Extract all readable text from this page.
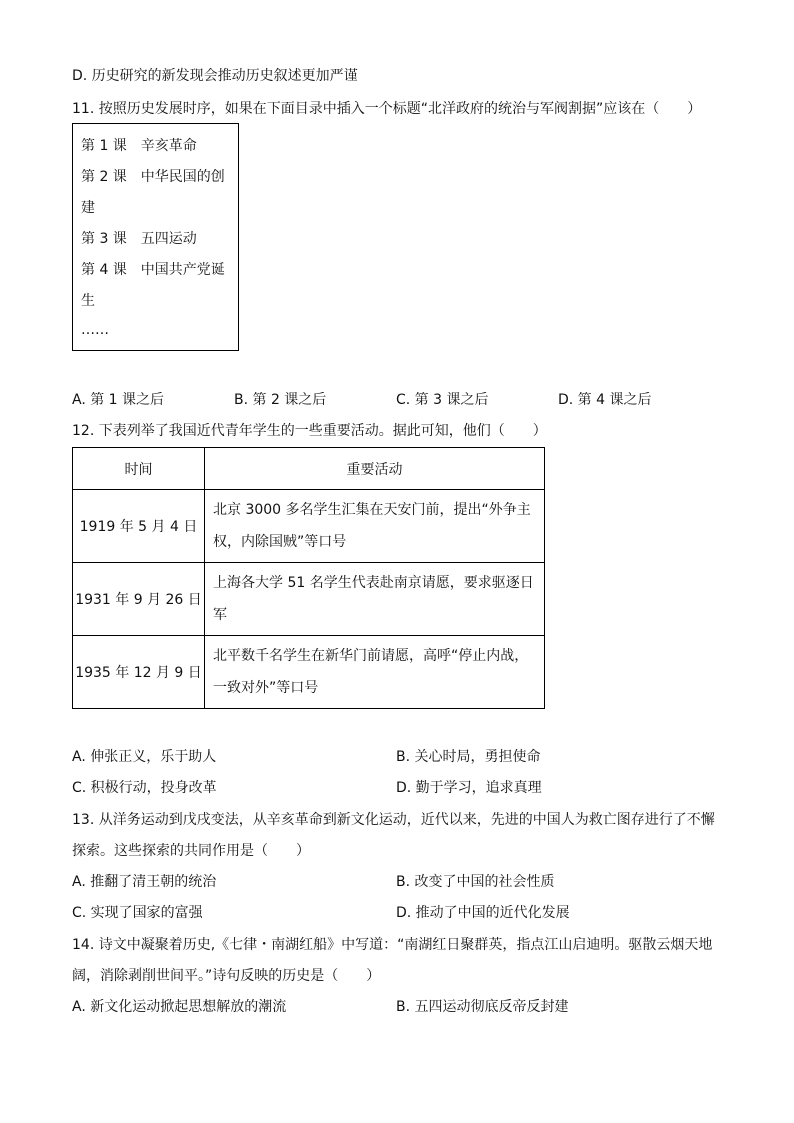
D. 历史研究的新发现会推动历史叙述更加严谨
11. 按照历史发展时序，如果在下面目录中插入一个标题“北洋政府的统治与军阀割据”应该在（　　）
第 1 课　辛亥革命
第 2 课　中华民国的创
建
第 3 课　五四运动
第 4 课　中国共产党诞
生
……
A. 第 1 课之后	B. 第 2 课之后	C. 第 3 课之后	D. 第 4 课之后
12. 下表列举了我国近代青年学生的一些重要活动。据此可知，他们（　　）
时间	重要活动
1919 年 5 月 4 日	北京 3000 多名学生汇集在天安门前，提出“外争主
权，内除国贼”等口号

1931 年 9 月 26 日	上海各大学 51 名学生代表赴南京请愿，要求驱逐日
军

1935 年 12 月 9 日	北平数千名学生在新华门前请愿，高呼“停止内战，
一致对外”等口号
A. 伸张正义，乐于助人	B. 关心时局，勇担使命
C. 积极行动，投身改革	D. 勤于学习，追求真理
13. 从洋务运动到戊戌变法，从辛亥革命到新文化运动，近代以来，先进的中国人为救亡图存进行了不懈
探索。这些探索的共同作用是（　　）
A. 推翻了清王朝的统治	B. 改变了中国的社会性质
C. 实现了国家的富强	D. 推动了中国的近代化发展
14. 诗文中凝聚着历史,《七律・南湖红船》中写道：“南湖红日聚群英，指点江山启迪明。驱散云烟天地
阔，消除剥削世间平。”诗句反映的历史是（　　）
A. 新文化运动掀起思想解放的潮流	B. 五四运动彻底反帝反封建
